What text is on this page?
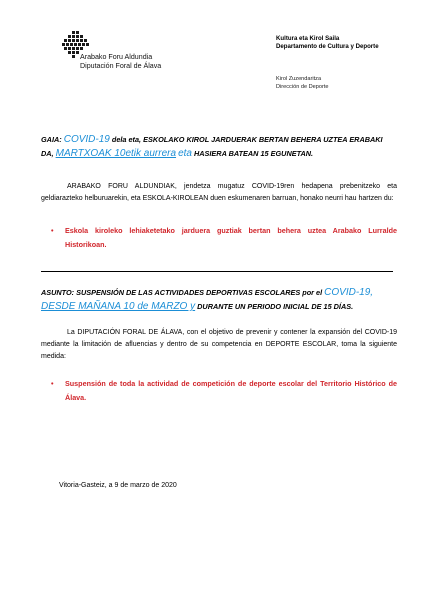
Arabako Foru Aldundia
Diputación Foral de Álava
Kultura eta Kirol Saila
Departamento de Cultura y Deporte
Kirol Zuzendaritza
Dirección de Deporte
GAIA: COVID-19 dela eta, ESKOLAKO KIROL JARDUERAK BERTAN BEHERA UZTEA ERABAKI DA, MARTXOAK 10etik aurrera eta HASIERA BATEAN 15 EGUNETAN.
ARABAKO FORU ALDUNDIAK, jendetza mugatuz COVID-19ren hedapena prebenitzeko eta geldiarazteko helburuarekin, eta ESKOLA-KIROLEAN duen eskumenaren barruan, honako neurri hau hartzen du:
•	Eskola kiroleko lehiaketetako jarduera guztiak bertan behera uztea Arabako Lurralde Historikoan.
ASUNTO: SUSPENSIÓN DE LAS ACTIVIDADES DEPORTIVAS ESCOLARES por el COVID-19, DESDE MAÑANA 10 de MARZO y DURANTE UN PERIODO INICIAL DE 15 DÍAS.
La DIPUTACIÓN FORAL DE ÁLAVA, con el objetivo de prevenir y contener la expansión del COVID-19 mediante la limitación de afluencias y dentro de su competencia en DEPORTE ESCOLAR, toma la siguiente medida:
•	Suspensión de toda la actividad de competición de deporte escolar del Territorio Histórico de Álava.
Vitoria-Gasteiz, a 9 de marzo de 2020
